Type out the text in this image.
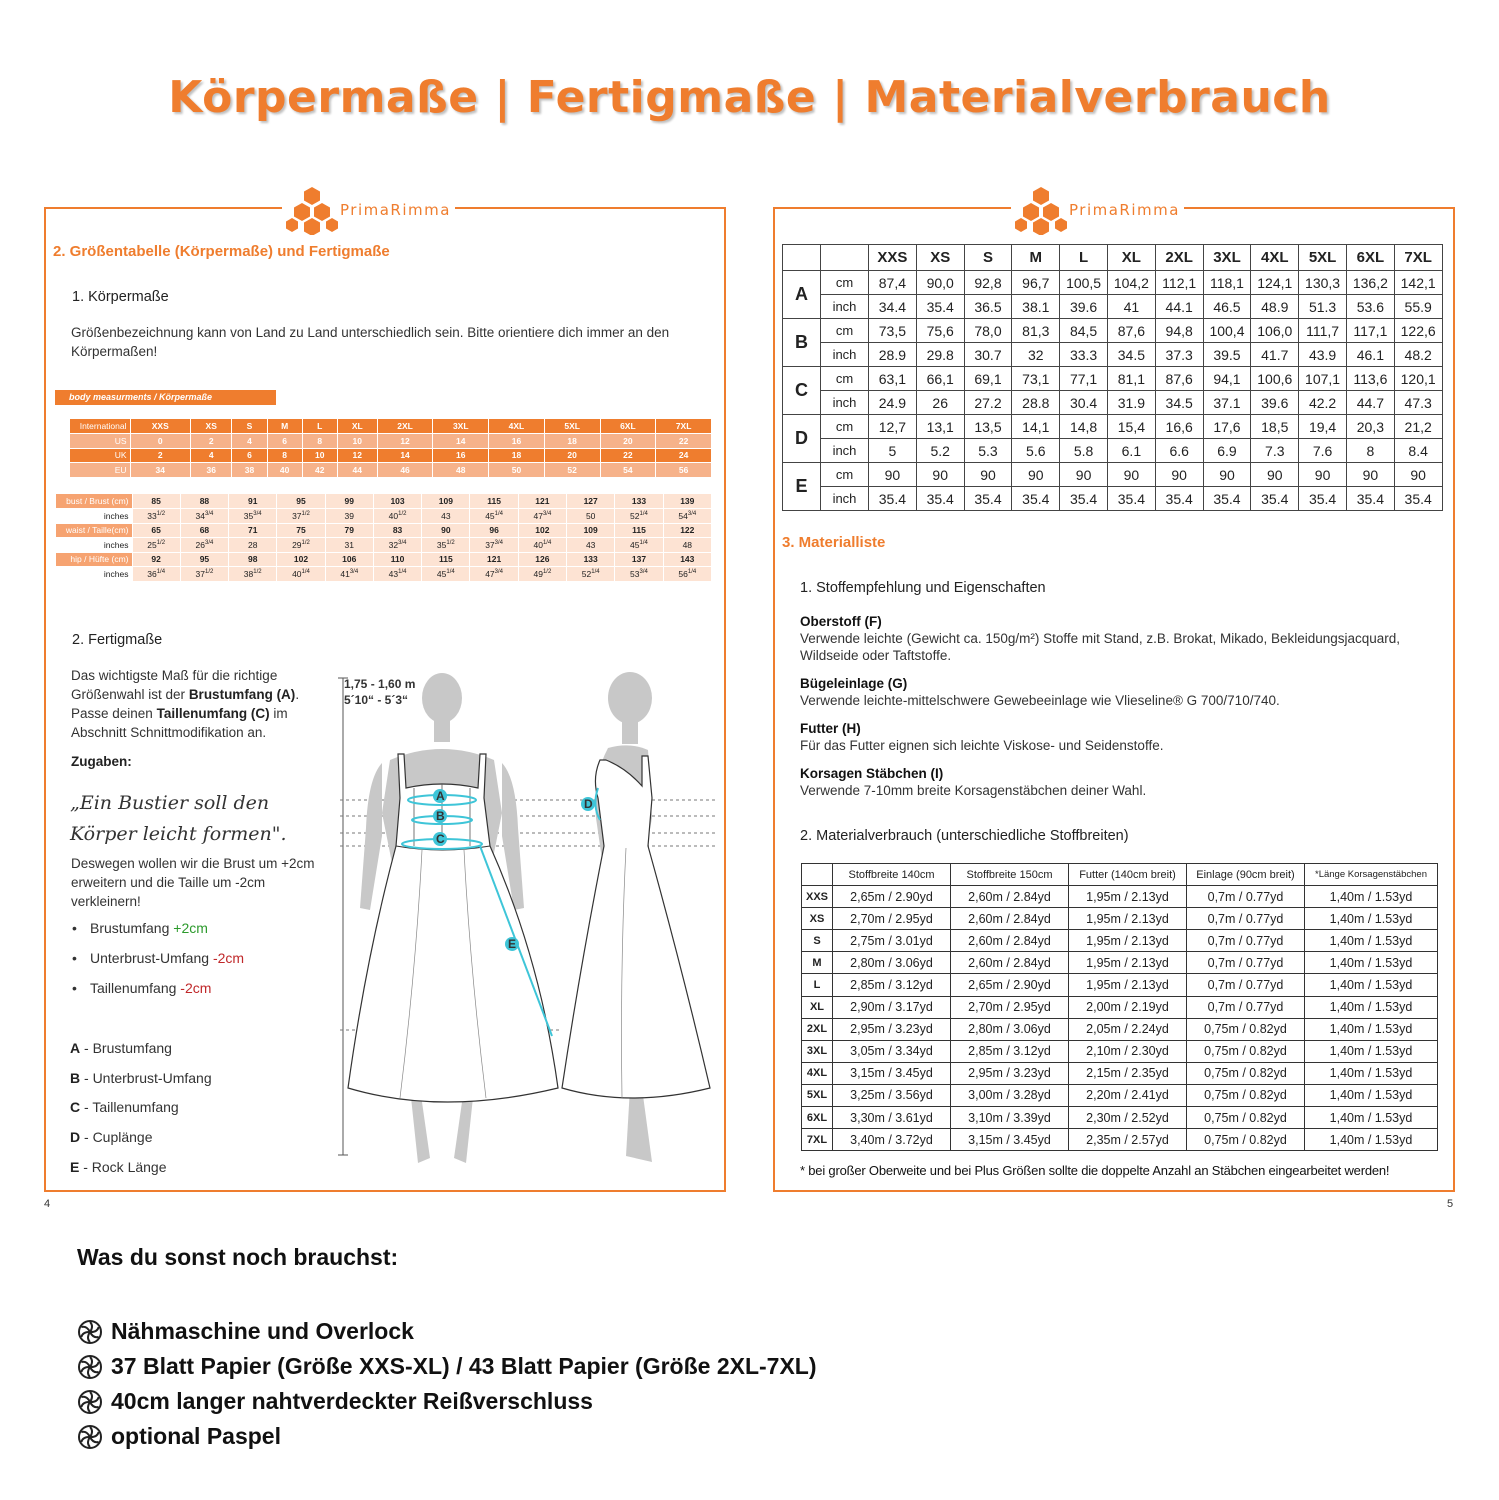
Körpermaße | Fertigmaße | Materialverbrauch
PrimaRimma
2. Größentabelle (Körpermaße) und Fertigmaße
1. Körpermaße
Größenbezeichnung kann von Land zu Land unterschiedlich sein. Bitte orientiere dich immer an den Körpermaßen!
body measurments / Körpermaße
International	XXS	XS	S	M	L	XL	2XL	3XL	4XL	5XL	6XL	7XL
US	0	2	4	6	8	10	12	14	16	18	20	22
UK	2	4	6	8	10	12	14	16	18	20	22	24
EU	34	36	38	40	42	44	46	48	50	52	54	56
bust / Brust (cm)	85	88	91	95	99	103	109	115	121	127	133	139
inches	$33^{1/2}$	$34^{3/4}$	$35^{3/4}$	$37^{1/2}$	39	$40^{1/2}$	43	$45^{1/4}$	$47^{3/4}$	50	$52^{1/4}$	$54^{3/4}$
waist / Taille(cm)	65	68	71	75	79	83	90	96	102	109	115	122
inches	$25^{1/2}$	$26^{3/4}$	28	$29^{1/2}$	31	$32^{3/4}$	$35^{1/2}$	$37^{3/4}$	$40^{1/4}$	43	$45^{1/4}$	48
hip / Hüfte (cm)	92	95	98	102	106	110	115	121	126	133	137	143
inches	$36^{1/4}$	$37^{1/2}$	$38^{1/2}$	$40^{1/4}$	$41^{3/4}$	$43^{1/4}$	$45^{1/4}$	$47^{3/4}$	$49^{1/2}$	$52^{1/4}$	$53^{3/4}$	$56^{1/4}$
2. Fertigmaße
Das wichtigste Maß für die richtige Größenwahl ist der Brustumfang (A). Passe deinen Taillenumfang (C) im Abschnitt Schnittmodifikation an.
Zugaben:
„Ein Bustier soll den Körper leicht formen".
Deswegen wollen wir die Brust um +2cm erweitern und die Taille um -2cm verkleinern!
• Brustumfang +2cm
• Unterbrust-Umfang -2cm
• Taillenumfang -2cm
A - Brustumfang
B - Unterbrust-Umfang
C - Taillenumfang
D - Cuplänge
E - Rock Länge
1,75 - 1,60 m
5´10“ - 5´3“
A
B
C
E
D
4
PrimaRimma
		XXS	XS	S	M	L	XL	2XL	3XL	4XL	5XL	6XL	7XL
A	cm	87,4	90,0	92,8	96,7	100,5	104,2	112,1	118,1	124,1	130,3	136,2	142,1
	inch	34.4	35.4	36.5	38.1	39.6	41	44.1	46.5	48.9	51.3	53.6	55.9
B	cm	73,5	75,6	78,0	81,3	84,5	87,6	94,8	100,4	106,0	111,7	117,1	122,6
	inch	28.9	29.8	30.7	32	33.3	34.5	37.3	39.5	41.7	43.9	46.1	48.2
C	cm	63,1	66,1	69,1	73,1	77,1	81,1	87,6	94,1	100,6	107,1	113,6	120,1
	inch	24.9	26	27.2	28.8	30.4	31.9	34.5	37.1	39.6	42.2	44.7	47.3
D	cm	12,7	13,1	13,5	14,1	14,8	15,4	16,6	17,6	18,5	19,4	20,3	21,2
	inch	5	5.2	5.3	5.6	5.8	6.1	6.6	6.9	7.3	7.6	8	8.4
E	cm	90	90	90	90	90	90	90	90	90	90	90	90
	inch	35.4	35.4	35.4	35.4	35.4	35.4	35.4	35.4	35.4	35.4	35.4	35.4
3. Materialliste
1. Stoffempfehlung und Eigenschaften
Oberstoff (F)
Verwende leichte (Gewicht ca. 150g/m²) Stoffe mit Stand, z.B. Brokat, Mikado, Bekleidungsjacquard, Wildseide oder Taftstoffe.
Bügeleinlage (G)
Verwende leichte-mittelschwere Gewebeeinlage wie Vlieseline® G 700/710/740.
Futter (H)
Für das Futter eignen sich leichte Viskose- und Seidenstoffe.
Korsagen Stäbchen (I)
Verwende 7-10mm breite Korsagenstäbchen deiner Wahl.
2. Materialverbrauch (unterschiedliche Stoffbreiten)
	Stoffbreite 140cm	Stoffbreite 150cm	Futter (140cm breit)	Einlage (90cm breit)	*Länge Korsagenstäbchen
XXS	2,65m / 2.90yd	2,60m / 2.84yd	1,95m / 2.13yd	0,7m / 0.77yd	1,40m / 1.53yd
XS	2,70m / 2.95yd	2,60m / 2.84yd	1,95m / 2.13yd	0,7m / 0.77yd	1,40m / 1.53yd
S	2,75m / 3.01yd	2,60m / 2.84yd	1,95m / 2.13yd	0,7m / 0.77yd	1,40m / 1.53yd
M	2,80m / 3.06yd	2,60m / 2.84yd	1,95m / 2.13yd	0,7m / 0.77yd	1,40m / 1.53yd
L	2,85m / 3.12yd	2,65m / 2.90yd	1,95m / 2.13yd	0,7m / 0.77yd	1,40m / 1.53yd
XL	2,90m / 3.17yd	2,70m / 2.95yd	2,00m / 2.19yd	0,7m / 0.77yd	1,40m / 1.53yd
2XL	2,95m / 3.23yd	2,80m / 3.06yd	2,05m / 2.24yd	0,75m / 0.82yd	1,40m / 1.53yd
3XL	3,05m / 3.34yd	2,85m / 3.12yd	2,10m / 2.30yd	0,75m / 0.82yd	1,40m / 1.53yd
4XL	3,15m / 3.45yd	2,95m / 3.23yd	2,15m / 2.35yd	0,75m / 0.82yd	1,40m / 1.53yd
5XL	3,25m / 3.56yd	3,00m / 3.28yd	2,20m / 2.41yd	0,75m / 0.82yd	1,40m / 1.53yd
6XL	3,30m / 3.61yd	3,10m / 3.39yd	2,30m / 2.52yd	0,75m / 0.82yd	1,40m / 1.53yd
7XL	3,40m / 3.72yd	3,15m / 3.45yd	2,35m / 2.57yd	0,75m / 0.82yd	1,40m / 1.53yd
* bei großer Oberweite und bei Plus Größen sollte die doppelte Anzahl an Stäbchen eingearbeitet werden!
5
Was du sonst noch brauchst:
Nähmaschine und Overlock
37 Blatt Papier (Größe XXS-XL) / 43 Blatt Papier (Größe 2XL-7XL)
40cm langer nahtverdeckter Reißverschluss
optional Paspel
